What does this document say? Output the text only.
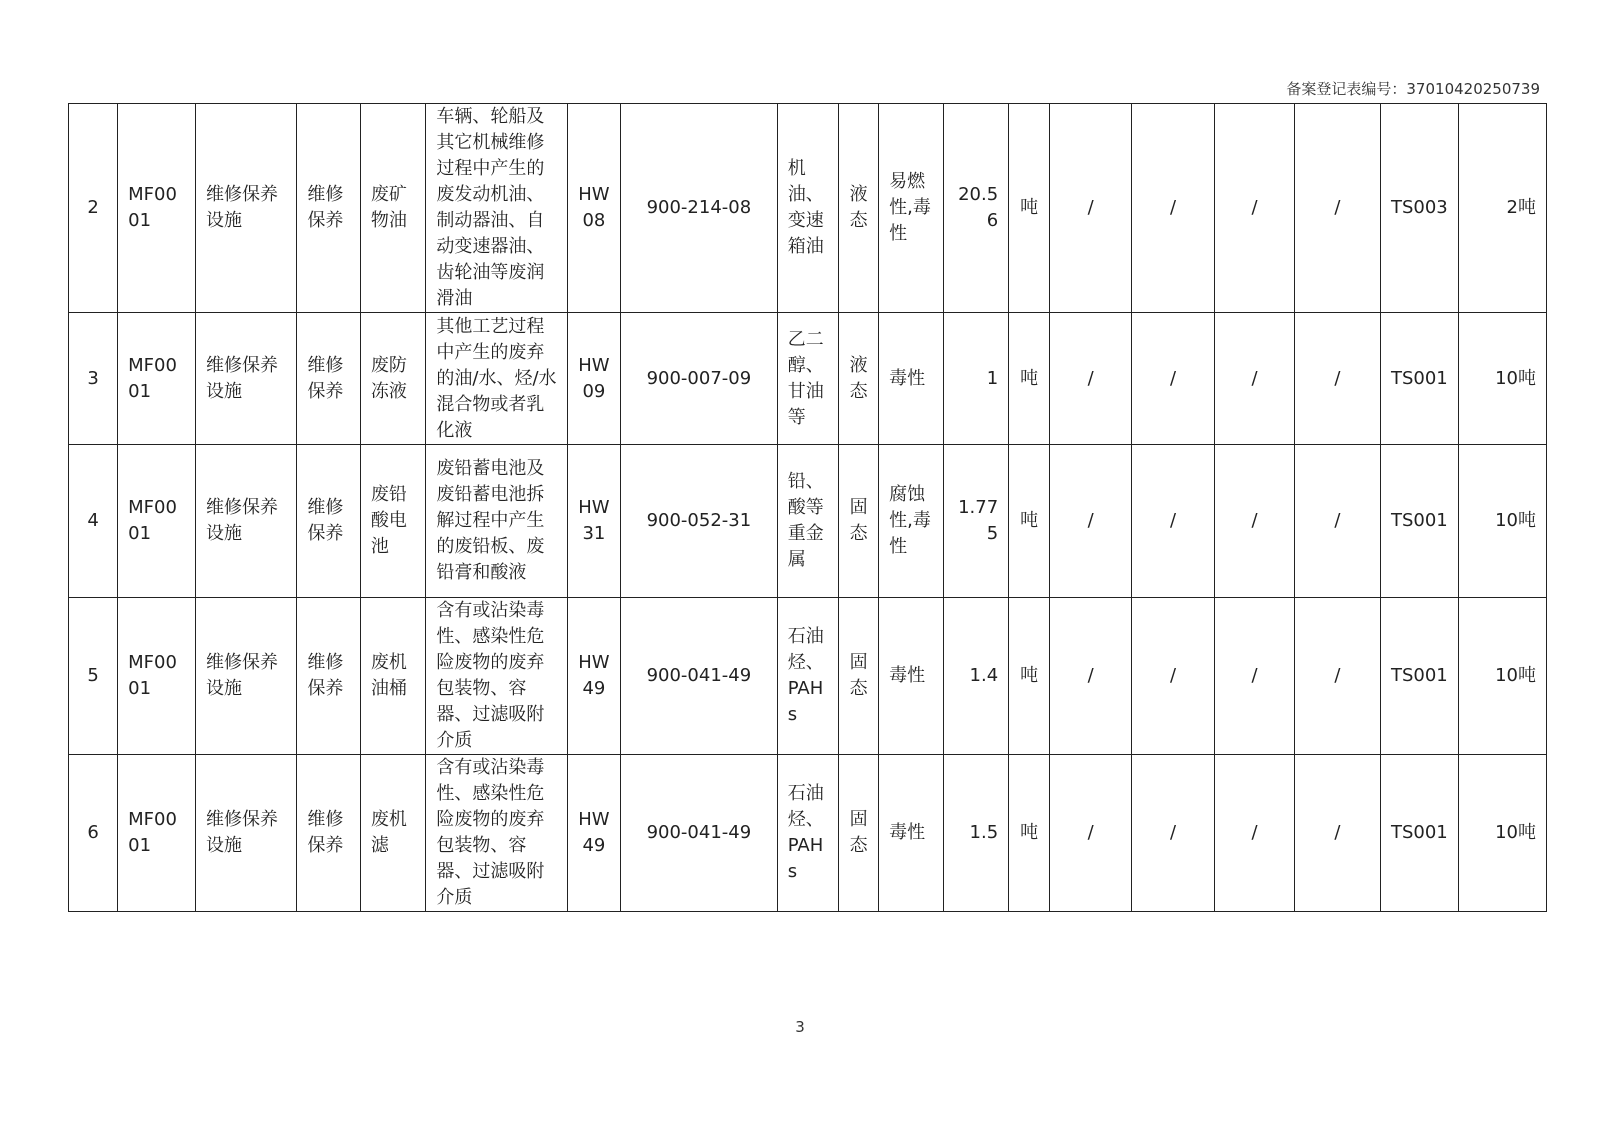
备案登记表编号：37010420250739
2	MF0001	维修保养设施	维修保养	废矿物油	车辆、轮船及其它机械维修过程中产生的废发动机油、制动器油、自动变速器油、齿轮油等废润滑油	HW08	900-214-08	机油、变速箱油	液态	易燃性,毒性	20.56	吨	/	/	/	/	TS003	2吨
3	MF0001	维修保养设施	维修保养	废防冻液	其他工艺过程中产生的废弃的油/水、烃/水混合物或者乳化液	HW09	900-007-09	乙二醇、甘油等	液态	毒性	1	吨	/	/	/	/	TS001	10吨
4	MF0001	维修保养设施	维修保养	废铅酸电池	废铅蓄电池及废铅蓄电池拆解过程中产生的废铅板、废铅膏和酸液	HW31	900-052-31	铅、酸等重金属	固态	腐蚀性,毒性	1.775	吨	/	/	/	/	TS001	10吨
5	MF0001	维修保养设施	维修保养	废机油桶	含有或沾染毒性、感染性危险废物的废弃包装物、容器、过滤吸附介质	HW49	900-041-49	石油烃、PAHs	固态	毒性	1.4	吨	/	/	/	/	TS001	10吨
6	MF0001	维修保养设施	维修保养	废机滤	含有或沾染毒性、感染性危险废物的废弃包装物、容器、过滤吸附介质	HW49	900-041-49	石油烃、PAHs	固态	毒性	1.5	吨	/	/	/	/	TS001	10吨
3
